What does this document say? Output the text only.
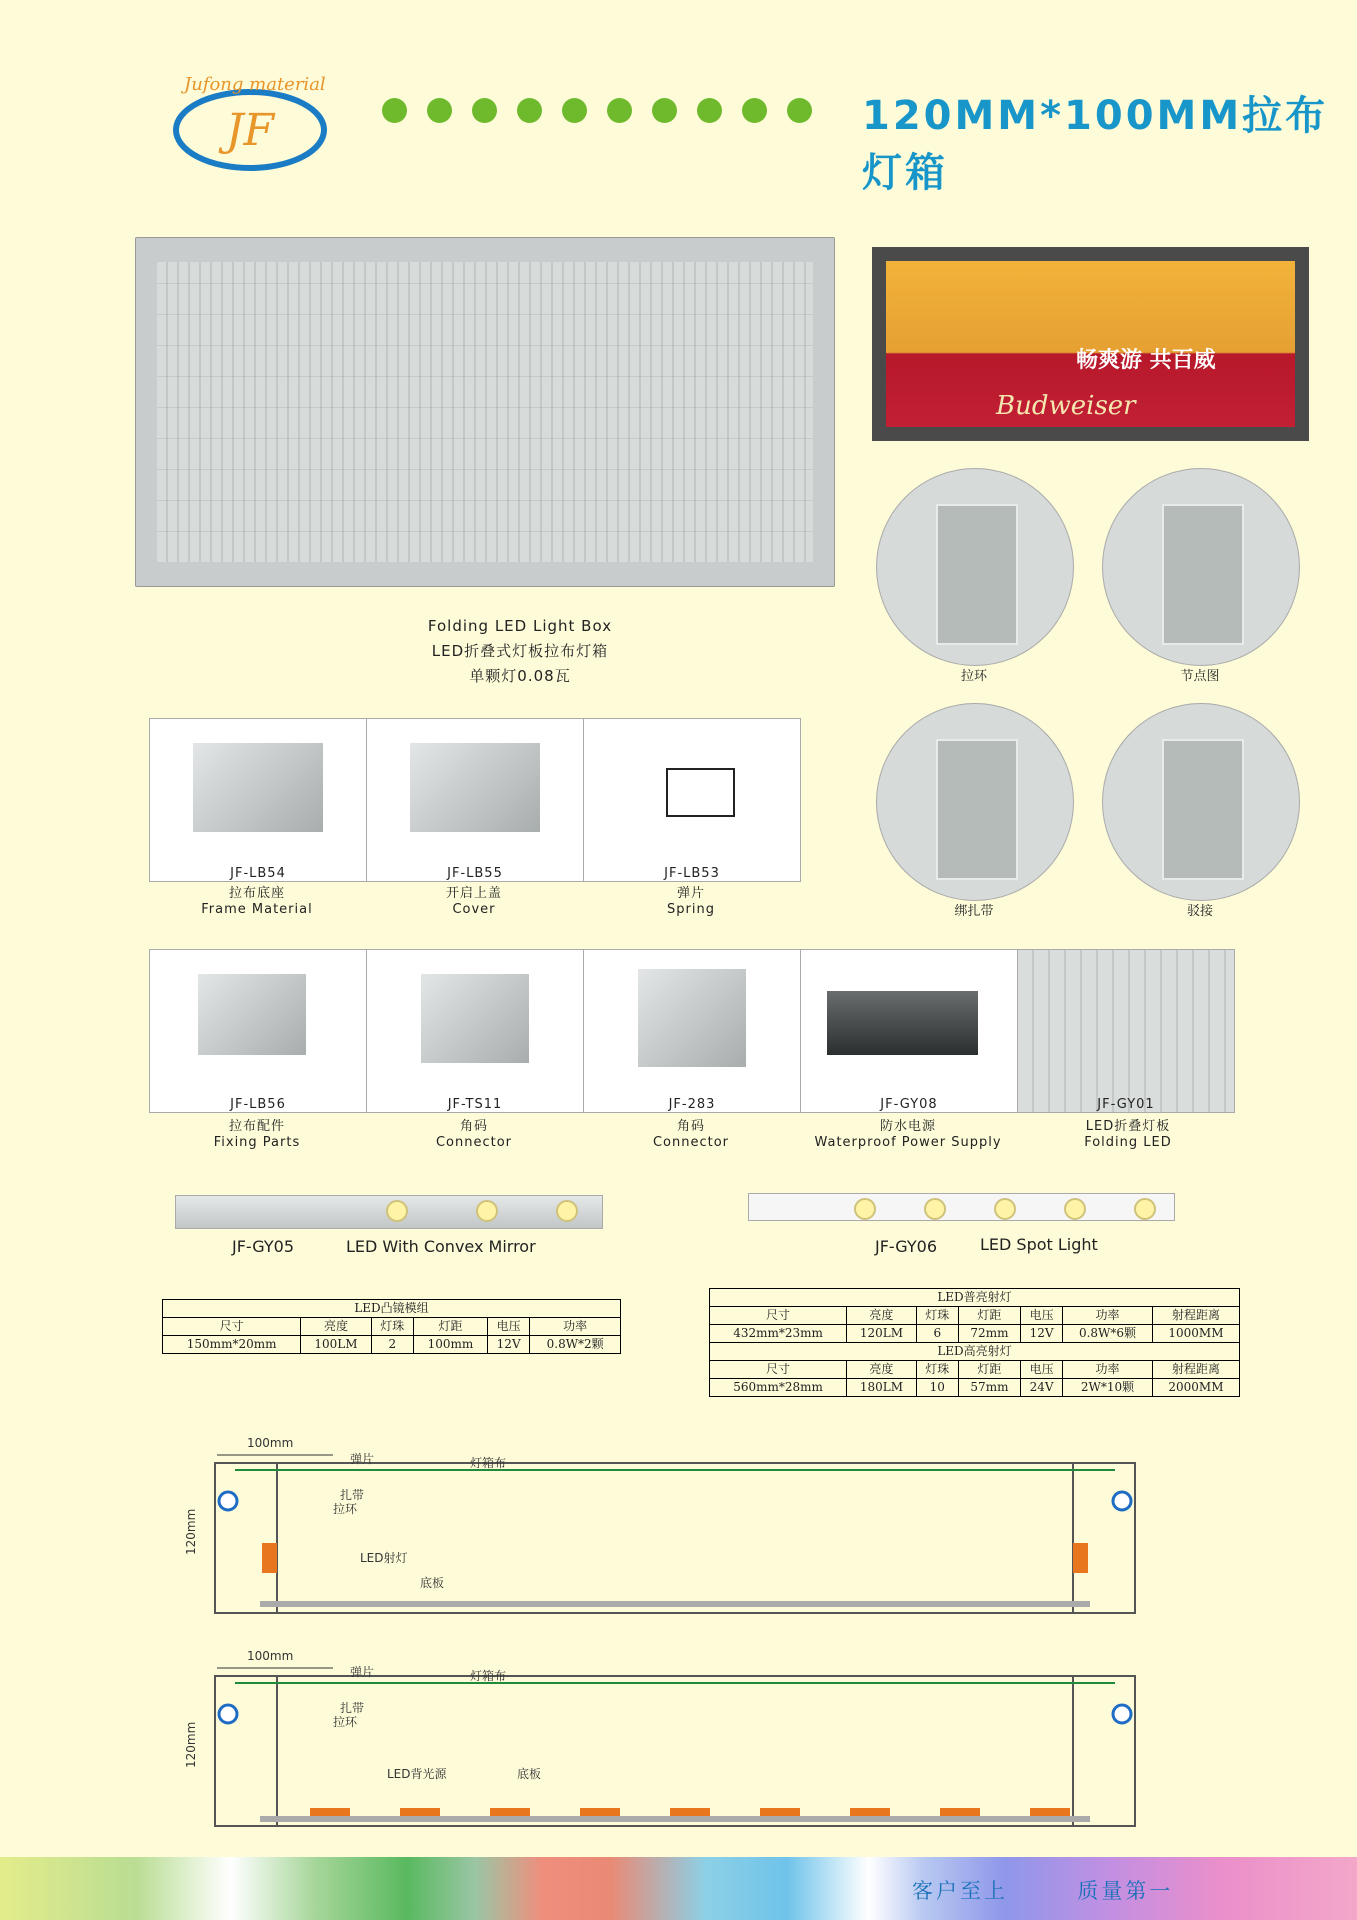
JF
Jufong material
120MM*100MM拉布灯箱
Folding LED Light Box
LED折叠式灯板拉布灯箱
单颗灯0.08瓦
畅爽游 共百威
Budweiser
拉环	节点图
绑扎带	驳接
JF-LB54	JF-LB55	JF-LB53
拉布底座
Frame Material
开启上盖
Cover
弹片
Spring
JF-LB56	JF-TS11	JF-283	JF-GY08	JF-GY01
拉布配件
Fixing Parts
角码
Connector
角码
Connector
防水电源
Waterproof Power Supply
LED折叠灯板
Folding LED
JF-GY05	LED With Convex Mirror	JF-GY06	LED Spot Light
LED凸镜模组					
尺寸	亮度	灯珠	灯距	电压	功率
150mm*20mm	100LM	2	100mm	12V	0.8W*2颗
LED普亮射灯						
尺寸	亮度	灯珠	灯距	电压	功率	射程距离
432mm*23mm	120LM	6	72mm	12V	0.8W*6颗	1000MM
LED高亮射灯						
尺寸	亮度	灯珠	灯距	电压	功率	射程距离
560mm*28mm	180LM	10	57mm	24V	2W*10颗	2000MM
100mm
120mm
弹片	灯箱布
扎带
拉环
LED射灯
底板
100mm
120mm
弹片	灯箱布
扎带
拉环
LED背光源	底板
客户至上	质量第一
